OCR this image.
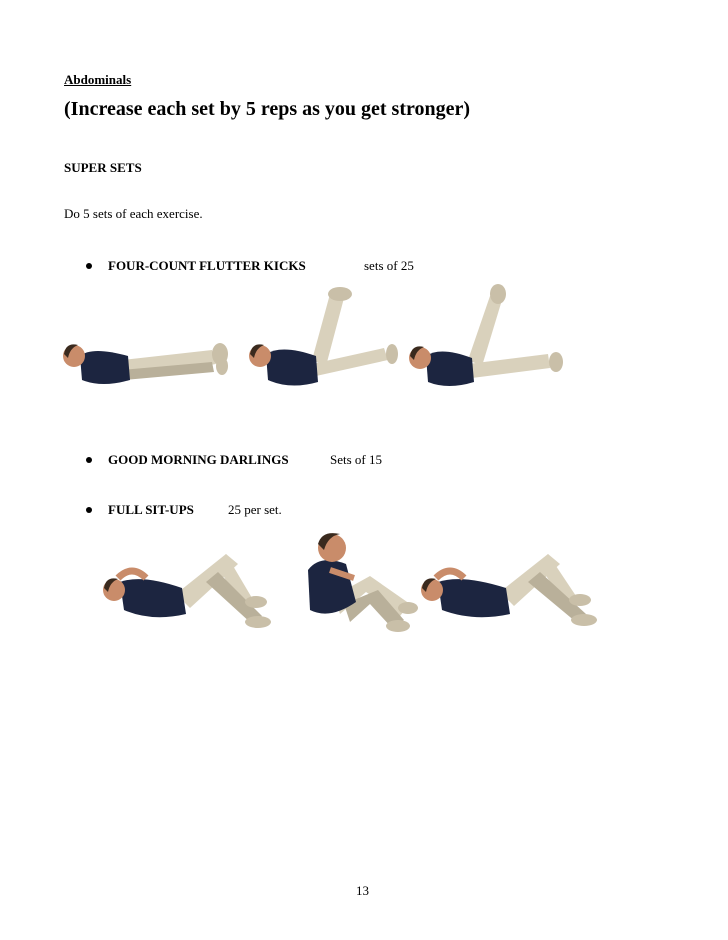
Abdominals
(Increase each set by 5 reps as you get stronger)
SUPER SETS
Do 5 sets of each exercise.
FOUR-COUNT FLUTTER KICKS	sets of 25
GOOD MORNING DARLINGS	Sets of 15
FULL SIT-UPS	25 per set.
13
